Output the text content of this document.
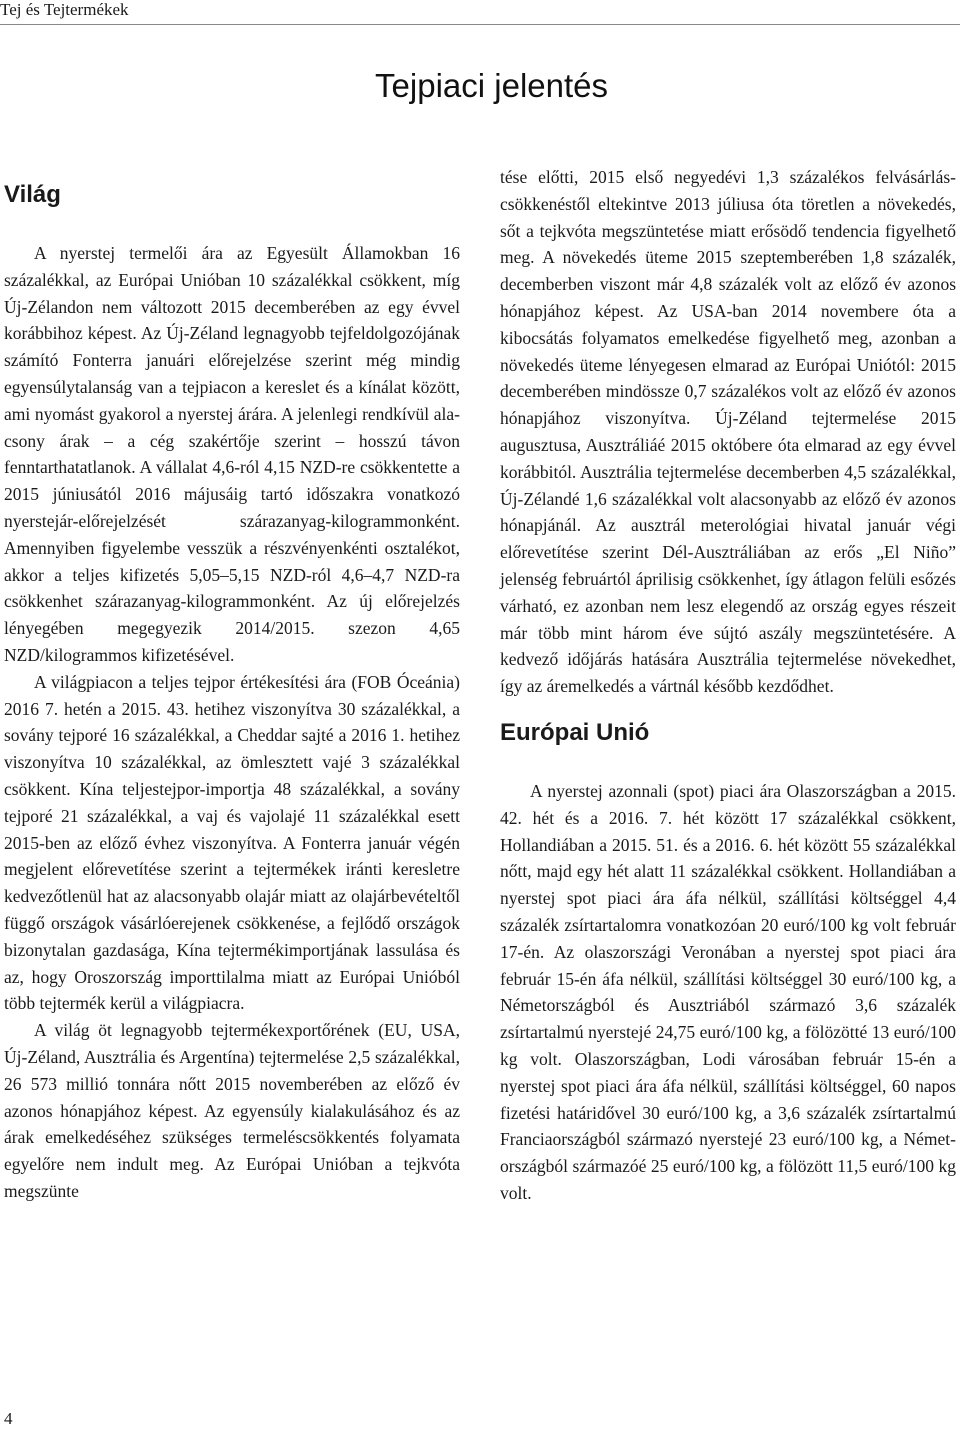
Tej és Tejtermékek
Tejpiaci jelentés
Világ

A nyerstej termelői ára az Egyesült Államokban 16 százalékkal, az Európai Unióban 10 százalékkal csökkent, míg Új-Zélandon nem változott 2015 decemberében az egy évvel korábbihoz képest. Az Új-Zéland legnagyobb tejfeldolgozójának számító Fonterra januári előrejelzése szerint még mindig egyensúlytalanság van a tejpiacon a kereslet és a kínálat között, ami nyomást gyakorol a nyerstej árára. A jelenlegi rendkívül alacsony árak – a cég szakértője szerint – hosszú távon fenntarthatatlanok. A vállalat 4,6-ról 4,15 NZD-re csökkentette a 2015 júniusától 2016 májusáig tartó időszakra vonatkozó nyerstejár-előrejelzését szárazanyag-kilogrammonként. Amennyiben figyelembe vesszük a részvényenkénti osztalékot, akkor a teljes kifizetés 5,05–5,15 NZD-ról 4,6–4,7 NZD-ra csökkenhet szárazanyag-kilogrammonként. Az új előrejelzés lényegében megegyezik 2014/2015. szezon 4,65 NZD/kilogrammos kifizetésével.

A világpiacon a teljes tejpor értékesítési ára (FOB Óceánia) 2016 7. hetén a 2015. 43. hetihez viszonyítva 30 százalékkal, a sovány tejporé 16 százalékkal, a Cheddar sajté a 2016 1. hetihez viszonyítva 10 százalékkal, az ömlesztett vajé 3 százalékkal csökkent. Kína teljestejpor-importja 48 százalékkal, a sovány tejporé 21 százalékkal, a vaj és vajolajé 11 százalékkal esett 2015-ben az előző évhez viszonyítva. A Fonterra január végén megjelent előrevetítése szerint a tejtermékek iránti keresletre kedvezőtlenül hat az alacsonyabb olajár miatt az olajárbevételtől függő országok vásárlóerejenek csökkenése, a fejlődő országok bizonytalan gazdasága, Kína tejtermékimportjának lassulása és az, hogy Oroszország importtilalma miatt az Európai Unióból több tejtermék kerül a világpiacra.

A világ öt legnagyobb tejtermékexportőrének (EU, USA, Új-Zéland, Ausztrália és Argentína) tejtermelése 2,5 százalékkal, 26 573 millió tonnára nőtt 2015 novemberében az előző év azonos hónapjához képest. Az egyensúly kialakulásához és az árak emelkedéséhez szükséges termeléscsökkentés folyamata egyelőre nem indult meg. Az Európai Unióban a tejkvóta megszünte

tése előtti, 2015 első negyedévi 1,3 százalékos felvásárlás-csökkenéstől eltekintve 2013 júliusa óta töretlen a növekedés, sőt a tejkvóta megszüntetése miatt erősödő tendencia figyelhető meg. A növekedés üteme 2015 szeptemberében 1,8 százalék, decemberben viszont már 4,8 százalék volt az előző év azonos hónapjához képest. Az USA-ban 2014 novembere óta a kibocsátás folyamatos emelkedése figyelhető meg, azonban a növekedés üteme lényegesen elmarad az Európai Uniótól: 2015 decemberében mindössze 0,7 százalékos volt az előző év azonos hónapjához viszonyítva. Új-Zéland tejtermelése 2015 augusztusa, Ausztráliáé 2015 októbere óta elmarad az egy évvel korábbitól. Ausztrália tejtermelése decemberben 4,5 százalékkal, Új-Zélandé 1,6 százalékkal volt alacsonyabb az előző év azonos hónapjánál. Az ausztrál meterológiai hivatal január végi előrevetítése szerint Dél-Ausztráliában az erős „El Niño” jelenség februártól áprilisig csökkenhet, így átlagon felüli esőzés várható, ez azonban nem lesz elegendő az ország egyes részeit már több mint három éve sújtó aszály megszüntetésére. A kedvező időjárás hatására Ausztrália tejtermelése növekedhet, így az áremelkedés a vártnál később kezdődhet.

Európai Unió

A nyerstej azonnali (spot) piaci ára Olaszországban a 2015. 42. hét és a 2016. 7. hét között 17 százalékkal csökkent, Hollandiában a 2015. 51. és a 2016. 6. hét között 55 százalékkal nőtt, majd egy hét alatt 11 százalékkal csökkent. Hollandiában a nyerstej spot piaci ára áfa nélkül, szállítási költséggel 4,4 százalék zsírtartalomra vonatkozóan 20 euró/100 kg volt február 17-én. Az olaszországi Veronában a nyerstej spot piaci ára február 15-én áfa nélkül, szállítási költséggel 30 euró/100 kg, a Németországból és Ausztriából származó 3,6 százalék zsírtartalmú nyerstejé 24,75 euró/100 kg, a fölözötté 13 euró/100 kg volt. Olaszországban, Lodi városában február 15-én a nyerstej spot piaci ára áfa nélkül, szállítási költséggel, 60 napos fizetési határidővel 30 euró/100 kg, a 3,6 százalék zsírtartalmú Franciaországból származó nyerstejé 23 euró/100 kg, a Németországból származóé 25 euró/100 kg, a fölözött 11,5 euró/100 kg volt.

4
